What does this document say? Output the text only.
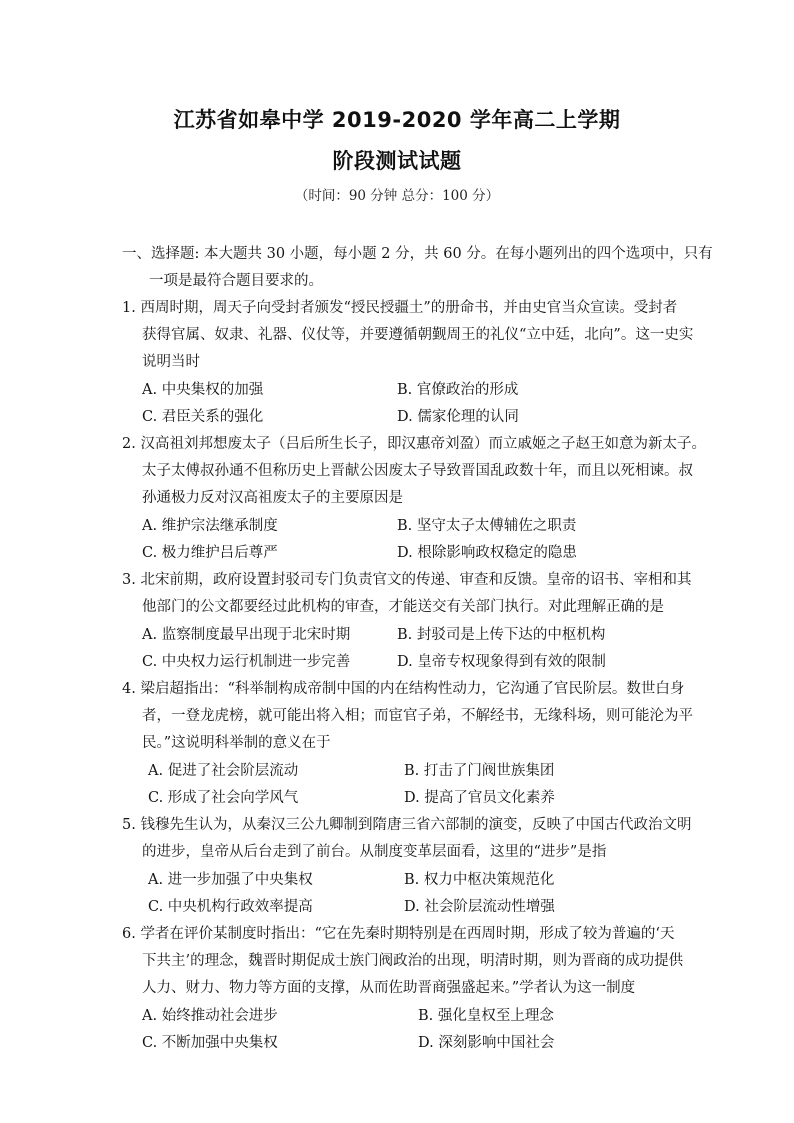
江苏省如皋中学 2019-2020 学年高二上学期
阶段测试试题
（时间：90 分钟 总分：100 分）
一、选择题: 本大题共 30 小题，每小题 2 分，共 60 分。在每小题列出的四个选项中，只有
一项是最符合题目要求的。
1. 西周时期，周天子向受封者颁发“授民授疆土”的册命书，并由史官当众宣读。受封者
获得官属、奴隶、礼器、仪仗等，并要遵循朝觐周王的礼仪“立中廷，北向”。这一史实
说明当时
A. 中央集权的加强	B. 官僚政治的形成
C. 君臣关系的强化	D. 儒家伦理的认同
2. 汉高祖刘邦想废太子（吕后所生长子，即汉惠帝刘盈）而立戚姬之子赵王如意为新太子。
太子太傅叔孙通不但称历史上晋献公因废太子导致晋国乱政数十年，而且以死相谏。叔
孙通极力反对汉高祖废太子的主要原因是
A. 维护宗法继承制度	B. 坚守太子太傅辅佐之职责
C. 极力维护吕后尊严	D. 根除影响政权稳定的隐患
3. 北宋前期，政府设置封驳司专门负责官文的传递、审查和反馈。皇帝的诏书、宰相和其
他部门的公文都要经过此机构的审查，才能送交有关部门执行。对此理解正确的是
A. 监察制度最早出现于北宋时期	B. 封驳司是上传下达的中枢机构
C. 中央权力运行机制进一步完善	D. 皇帝专权现象得到有效的限制
4. 梁启超指出：“科举制构成帝制中国的内在结构性动力，它沟通了官民阶层。数世白身
者，一登龙虎榜，就可能出将入相；而宦官子弟，不解经书，无缘科场，则可能沦为平
民。”这说明科举制的意义在于
A. 促进了社会阶层流动	B. 打击了门阀世族集团
C. 形成了社会向学风气	D. 提高了官员文化素养
5. 钱穆先生认为，从秦汉三公九卿制到隋唐三省六部制的演变，反映了中国古代政治文明
的进步，皇帝从后台走到了前台。从制度变革层面看，这里的“进步”是指
A. 进一步加强了中央集权	B. 权力中枢决策规范化
C. 中央机构行政效率提高	D. 社会阶层流动性增强
6. 学者在评价某制度时指出：“它在先秦时期特别是在西周时期，形成了较为普遍的‘天
下共主’的理念，魏晋时期促成士族门阀政治的出现，明清时期，则为晋商的成功提供
人力、财力、物力等方面的支撑，从而佐助晋商强盛起来。”学者认为这一制度
A. 始终推动社会进步	B. 强化皇权至上理念
C. 不断加强中央集权	D. 深刻影响中国社会
